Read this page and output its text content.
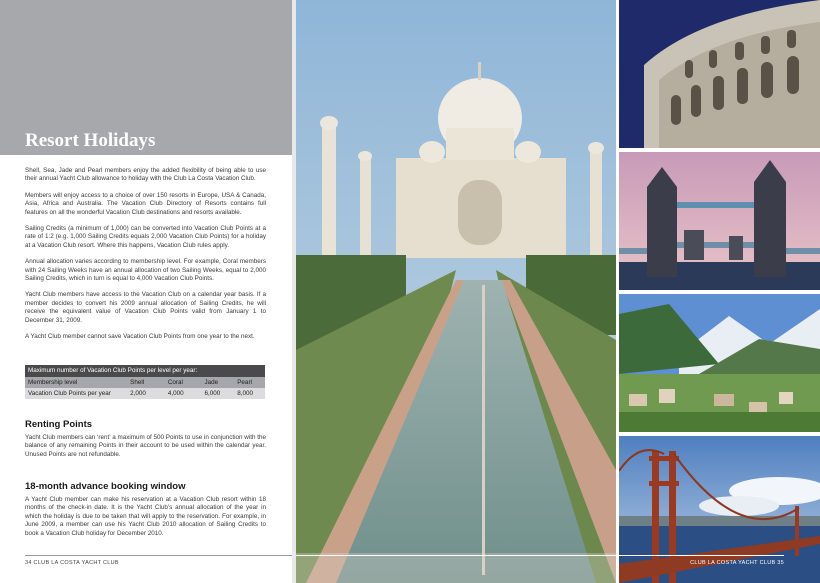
Resort Holidays

Shell, Sea, Jade and Pearl members enjoy the added flexibility of being able to use their annual Yacht Club allowance to holiday with the Club La Costa Vacation Club.

Members will enjoy access to a choice of over 150 resorts in Europe, USA & Canada, Asia, Africa and Australia. The Vacation Club Directory of Resorts contains full features on all the wonderful Vacation Club destinations and resorts available.

Sailing Credits (a minimum of 1,000) can be converted into Vacation Club Points at a rate of 1:2 (e.g. 1,000 Sailing Credits equals 2,000 Vacation Club Points) for a holiday at a Vacation Club resort. Where this happens, Vacation Club rules apply.

Annual allocation varies according to membership level. For example, Coral members with 24 Sailing Weeks have an annual allocation of two Sailing Weeks, equal to 2,000 Sailing Credits, which in turn is equal to 4,000 Vacation Club Points.

Yacht Club members have access to the Vacation Club on a calendar year basis. If a member decides to convert his 2009 annual allocation of Sailing Credits, he will receive the equivalent value of Vacation Club Points valid from January 1 to December 31, 2009.

A Yacht Club member cannot save Vacation Club Points from one year to the next.

Maximum number of Vacation Club Points per level per year:
Membership level	Shell	Coral	Jade	Pearl
Vacation Club Points per year	2,000	4,000	6,000	8,000
Renting Points

Yacht Club members can ‘rent’ a maximum of 500 Points to use in conjunction with the balance of any remaining Points in their account to be used within the calendar year. Unused Points are not refundable.

18-month advance booking window

A Yacht Club member can make his reservation at a Vacation Club resort within 18 months of the check-in date. It is the Yacht Club’s annual allocation of the year in which the holiday is due to be taken that will apply to the reservation. For example, in June 2009, a member can use his Yacht Club 2010 allocation of Sailing Credits to book a Vacation Club holiday for December 2010.

34 CLUB LA COSTA YACHT CLUB	CLUB LA COSTA YACHT CLUB 35
